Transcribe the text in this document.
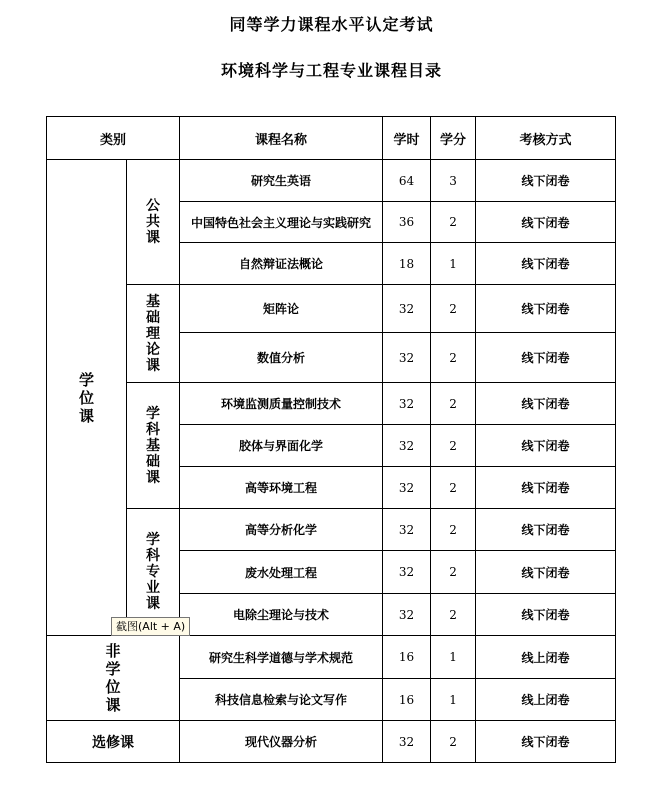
同等学力课程水平认定考试
环境科学与工程专业课程目录
类别		课程名称	学时	学分	考核方式
学位课	公共课	研究生英语	64	3	线下闭卷
		中国特色社会主义理论与实践研究	36	2	线下闭卷
		自然辩证法概论	18	1	线下闭卷
	基础理论课	矩阵论	32	2	线下闭卷
		数值分析	32	2	线下闭卷
	学科基础课	环境监测质量控制技术	32	2	线下闭卷
		胶体与界面化学	32	2	线下闭卷
		高等环境工程	32	2	线下闭卷
	学科专业课	高等分析化学	32	2	线下闭卷
		废水处理工程	32	2	线下闭卷
		电除尘理论与技术	32	2	线下闭卷
非学位课		研究生科学道德与学术规范	16	1	线上闭卷
		科技信息检索与论文写作	16	1	线上闭卷
选修课		现代仪器分析	32	2	线下闭卷
截图(Alt + A)
